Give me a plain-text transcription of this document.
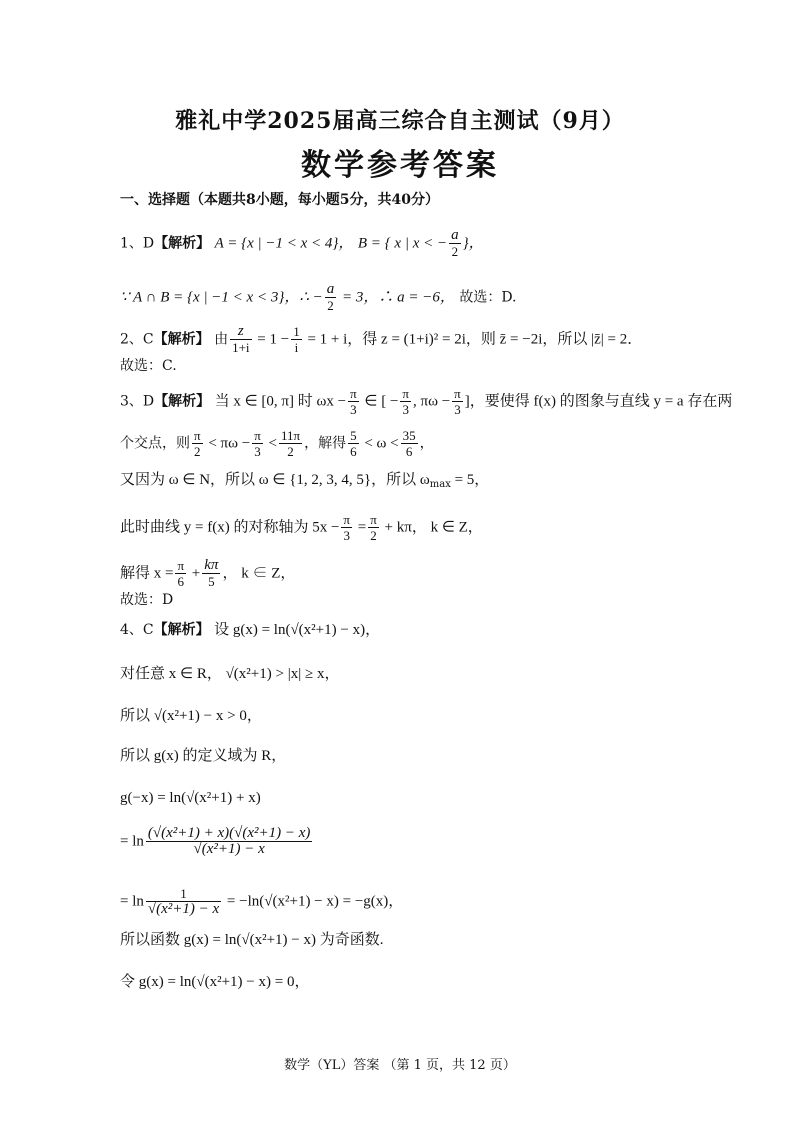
雅礼中学2025届高三综合自主测试（9月）
数学参考答案
一、选择题（本题共8小题，每小题5分，共40分）
1、D【解析】 A = {x | −1 < x < 4}， B = { x | x < − $\frac{a}{2}$ }，
∵ A ∩ B = {x | −1 < x < 3}，∴ − $\frac{a}{2} = 3$，∴ a = −6， 故选：D.
2、C【解析】 由 $\frac{z}{1+i} = 1 - \frac{1}{i} = 1 + i$，得 z = (1+i)² = 2i，则 z̄ = −2i，所以 |z̄| = 2．
故选：C.
3、D【解析】 当 x ∈ [0, π] 时 $\omega x - \frac{\pi}{3}$ ∈ [ − $\frac{\pi}{3}$ , $\pi\omega - \frac{\pi}{3}$ ]，要使得 f(x) 的图象与直线 y = a 存在两
个交点，则 $\frac{\pi}{2} < \pi\omega - \frac{\pi}{3} < \frac{11\pi}{2}$ ，解得 $\frac{5}{6} < \omega < \frac{35}{6}$ ，
又因为 ω ∈ N，所以 ω ∈ {1, 2, 3, 4, 5}，所以 $\omega_{max} = 5$，
此时曲线 y = f(x) 的对称轴为 $5x - \frac{\pi}{3} = \frac{\pi}{2} + k\pi$， k ∈ Z，
解得 $x = \frac{\pi}{6} + \frac{k\pi}{5}$ ， k ∈ Z，
故选：D
4、C【解析】 设 g(x) = ln(√(x²+1) − x)，
对任意 x ∈ R， √(x²+1) > |x| ≥ x，
所以 √(x²+1) − x > 0，
所以 g(x) 的定义域为 R，
g(−x) = ln(√(x²+1) + x)
= $\ln \frac{\text{(√(x²+1) + x)(√(x²+1) − x)}}{\text{√(x²+1) − x}}$
= $\ln \frac{1}{\text{√(x²+1) − x}} = -\ln(√(x^2+1) - x) = -g(x)$，
所以函数 g(x) = ln(√(x²+1) − x) 为奇函数.
令 g(x) = ln(√(x²+1) − x) = 0，
数学（YL）答案 （第 1 页，共 12 页）
